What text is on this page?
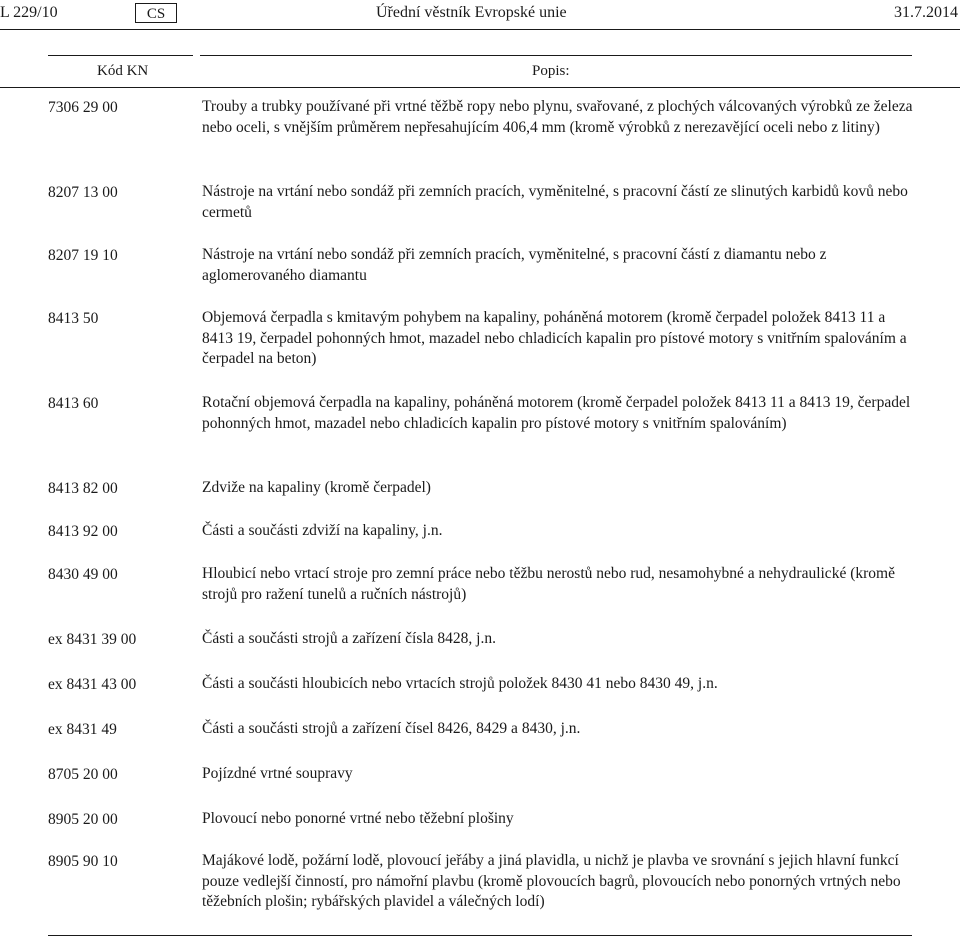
L 229/10	CS	Úřední věstník Evropské unie	31.7.2014
Kód KN	Popis:
7306 29 00	Trouby a trubky používané při vrtné těžbě ropy nebo plynu, svařované, z plochých válcovaných výrobků ze železa nebo oceli, s vnějším průměrem nepřesahujícím 406,4 mm (kromě výrobků z nerezavějící oceli nebo z litiny)
8207 13 00	Nástroje na vrtání nebo sondáž při zemních pracích, vyměnitelné, s pracovní částí ze slinutých karbidů kovů nebo cermetů
8207 19 10	Nástroje na vrtání nebo sondáž při zemních pracích, vyměnitelné, s pracovní částí z diamantu nebo z aglomerovaného diamantu
8413 50	Objemová čerpadla s kmitavým pohybem na kapaliny, poháněná motorem (kromě čerpadel položek 8413 11 a 8413 19, čerpadel pohonných hmot, mazadel nebo chladicích kapalin pro pístové motory s vnitřním spalováním a čerpadel na beton)
8413 60	Rotační objemová čerpadla na kapaliny, poháněná motorem (kromě čerpadel položek 8413 11 a 8413 19, čerpadel pohonných hmot, mazadel nebo chladicích kapalin pro pístové motory s vnitřním spalováním)
8413 82 00	Zdviže na kapaliny (kromě čerpadel)
8413 92 00	Části a součásti zdviží na kapaliny, j.n.
8430 49 00	Hloubicí nebo vrtací stroje pro zemní práce nebo těžbu nerostů nebo rud, nesamohybné a nehydraulické (kromě strojů pro ražení tunelů a ručních nástrojů)
ex 8431 39 00	Části a součásti strojů a zařízení čísla 8428, j.n.
ex 8431 43 00	Části a součásti hloubicích nebo vrtacích strojů položek 8430 41 nebo 8430 49, j.n.
ex 8431 49	Části a součásti strojů a zařízení čísel 8426, 8429 a 8430, j.n.
8705 20 00	Pojízdné vrtné soupravy
8905 20 00	Plovoucí nebo ponorné vrtné nebo těžební plošiny
8905 90 10	Majákové lodě, požární lodě, plovoucí jeřáby a jiná plavidla, u nichž je plavba ve srovnání s jejich hlavní funkcí pouze vedlejší činností, pro námořní plavbu (kromě plovoucích bagrů, plovoucích nebo ponorných vrtných nebo těžebních plošin; rybářských plavidel a válečných lodí)
